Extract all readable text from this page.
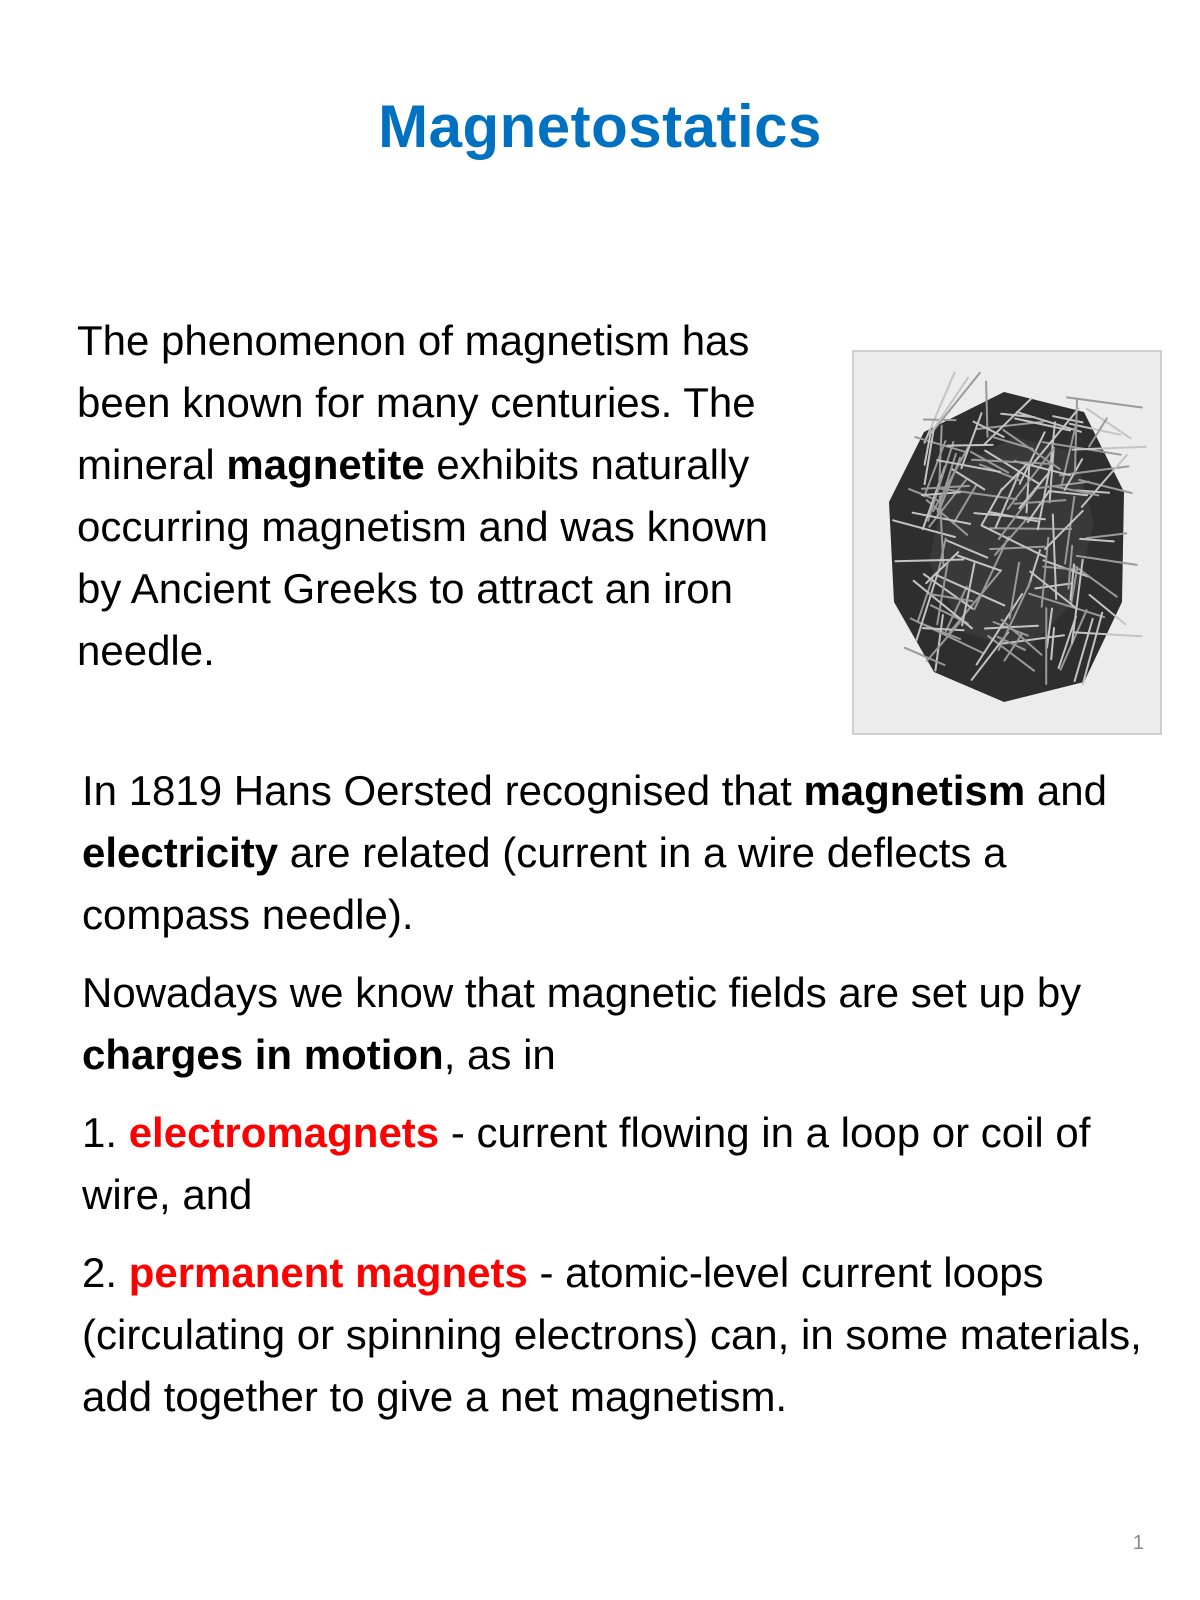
Magnetostatics

The phenomenon of magnetism has been known for many centuries. The mineral magnetite exhibits naturally occurring magnetism and was known by Ancient Greeks to attract an iron needle.

In 1819 Hans Oersted recognised that magnetism and electricity are related (current in a wire deflects a compass needle).

Nowadays we know that magnetic fields are set up by charges in motion, as in

1. electromagnets - current flowing in a loop or coil of wire, and

2. permanent magnets - atomic-level current loops (circulating or spinning electrons) can, in some materials, add together to give a net magnetism.

1
